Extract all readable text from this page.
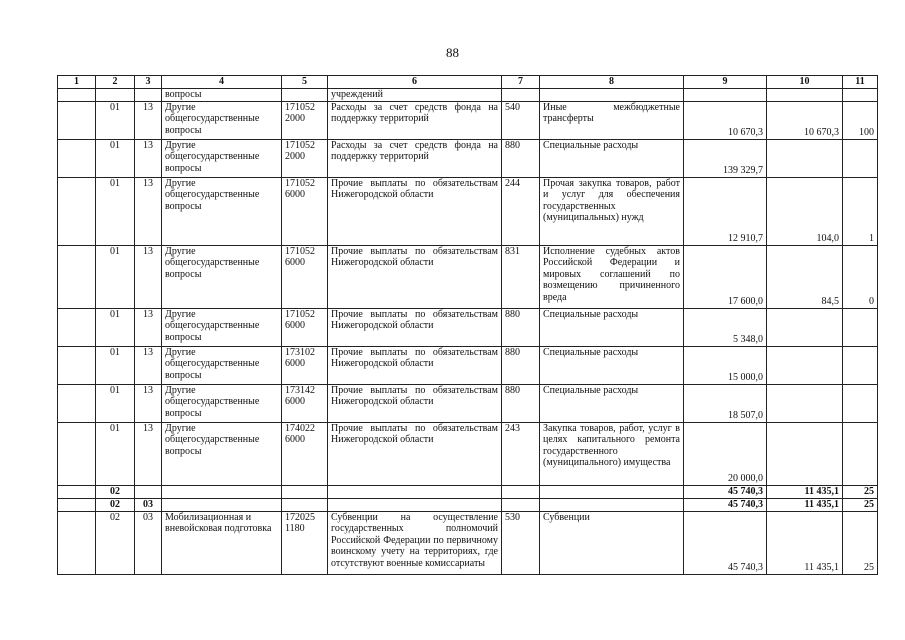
88
1	2	3	4	5	6	7	8	9	10	11
			вопросы		учреждений					
	01	13	Другие общегосударственные вопросы	171052 2000	Расходы за счет средств фонда на поддержку территорий	540	Иные межбюджетные трансферты	10 670,3	10 670,3	100
	01	13	Другие общегосударственные вопросы	171052 2000	Расходы за счет средств фонда на поддержку территорий	880	Специальные расходы	139 329,7		
	01	13	Другие общегосударственные вопросы	171052 6000	Прочие выплаты по обязательствам Нижегородской области	244	Прочая закупка товаров, работ и услуг для обеспечения государственных (муниципальных) нужд	12 910,7	104,0	1
	01	13	Другие общегосударственные вопросы	171052 6000	Прочие выплаты по обязательствам Нижегородской области	831	Исполнение судебных актов Российской Федерации и мировых соглашений по возмещению причиненного вреда	17 600,0	84,5	0
	01	13	Другие общегосударственные вопросы	171052 6000	Прочие выплаты по обязательствам Нижегородской области	880	Специальные расходы	5 348,0		
	01	13	Другие общегосударственные вопросы	173102 6000	Прочие выплаты по обязательствам Нижегородской области	880	Специальные расходы	15 000,0		
	01	13	Другие общегосударственные вопросы	173142 6000	Прочие выплаты по обязательствам Нижегородской области	880	Специальные расходы	18 507,0		
	01	13	Другие общегосударственные вопросы	174022 6000	Прочие выплаты по обязательствам Нижегородской области	243	Закупка товаров, работ, услуг в целях капитального ремонта государственного (муниципального) имущества	20 000,0		
	02							45 740,3	11 435,1	25
	02	03						45 740,3	11 435,1	25
	02	03	Мобилизационная и вневойсковая подготовка	172025 1180	Субвенции на осуществление государственных полномочий Российской Федерации по первичному воинскому учету на территориях, где отсутствуют военные комиссариаты	530	Субвенции	45 740,3	11 435,1	25
